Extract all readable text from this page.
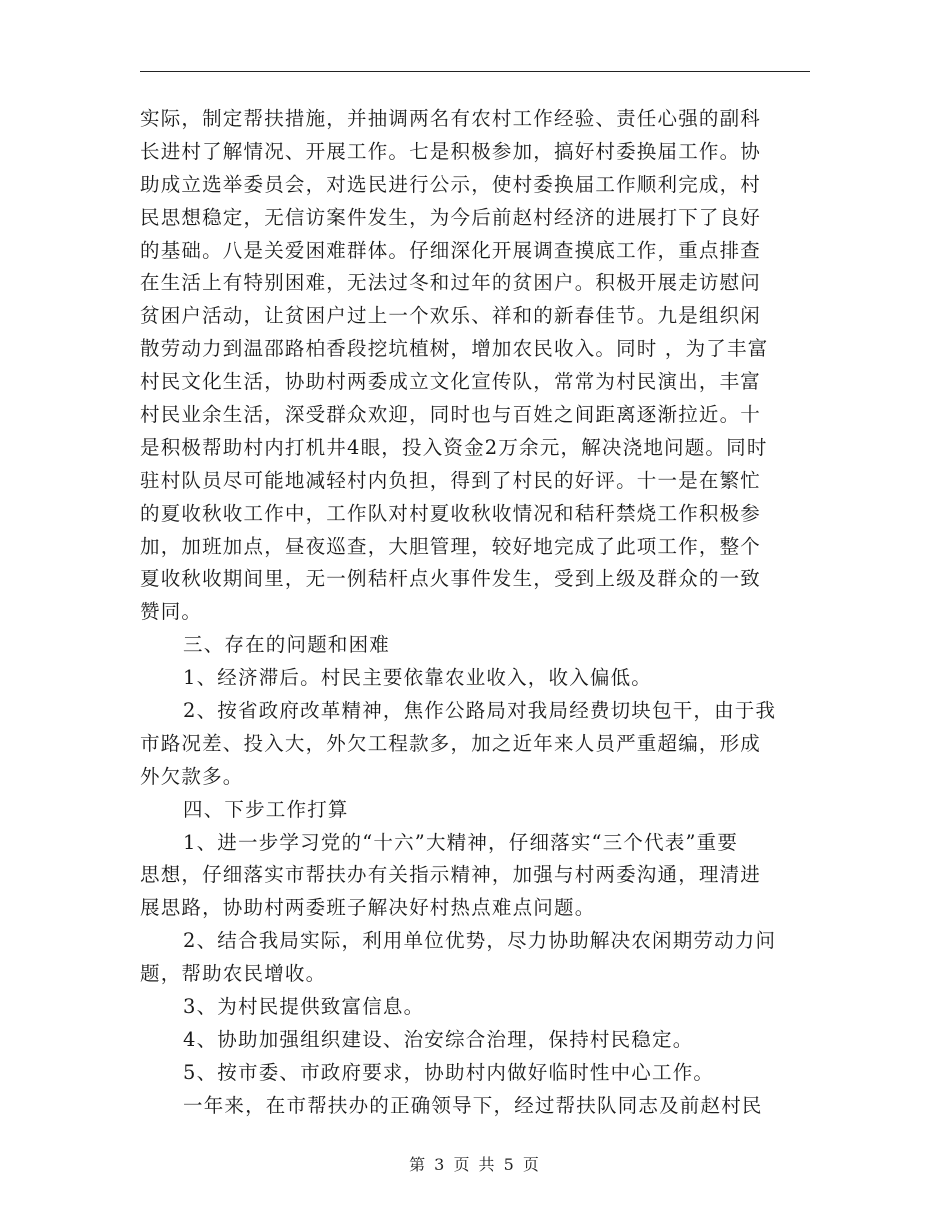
实际，制定帮扶措施，并抽调两名有农村工作经验、责任心强的副科
长进村了解情况、开展工作。七是积极参加，搞好村委换届工作。协
助成立选举委员会，对选民进行公示，使村委换届工作顺利完成，村
民思想稳定，无信访案件发生，为今后前赵村经济的进展打下了良好
的基础。八是关爱困难群体。仔细深化开展调查摸底工作，重点排查
在生活上有特别困难，无法过冬和过年的贫困户。积极开展走访慰问
贫困户活动，让贫困户过上一个欢乐、祥和的新春佳节。九是组织闲
散劳动力到温邵路柏香段挖坑植树，增加农民收入。同时 ，为了丰富
村民文化生活，协助村两委成立文化宣传队，常常为村民演出，丰富
村民业余生活，深受群众欢迎，同时也与百姓之间距离逐渐拉近。十
是积极帮助村内打机井4眼，投入资金2万余元，解决浇地问题。同时
驻村队员尽可能地减轻村内负担，得到了村民的好评。十一是在繁忙
的夏收秋收工作中，工作队对村夏收秋收情况和秸秆禁烧工作积极参
加，加班加点，昼夜巡查，大胆管理，较好地完成了此项工作，整个
夏收秋收期间里，无一例秸杆点火事件发生，受到上级及群众的一致
赞同。
三、存在的问题和困难
1、经济滞后。村民主要依靠农业收入，收入偏低。
2、按省政府改革精神，焦作公路局对我局经费切块包干，由于我
市路况差、投入大，外欠工程款多，加之近年来人员严重超编，形成
外欠款多。
四、下步工作打算
1、进一步学习党的“十六”大精神，仔细落实“三个代表”重要
思想，仔细落实市帮扶办有关指示精神，加强与村两委沟通，理清进
展思路，协助村两委班子解决好村热点难点问题。
2、结合我局实际，利用单位优势，尽力协助解决农闲期劳动力问
题，帮助农民增收。
3、为村民提供致富信息。
4、协助加强组织建设、治安综合治理，保持村民稳定。
5、按市委、市政府要求，协助村内做好临时性中心工作。
一年来，在市帮扶办的正确领导下，经过帮扶队同志及前赵村民
第 3 页 共 5 页
